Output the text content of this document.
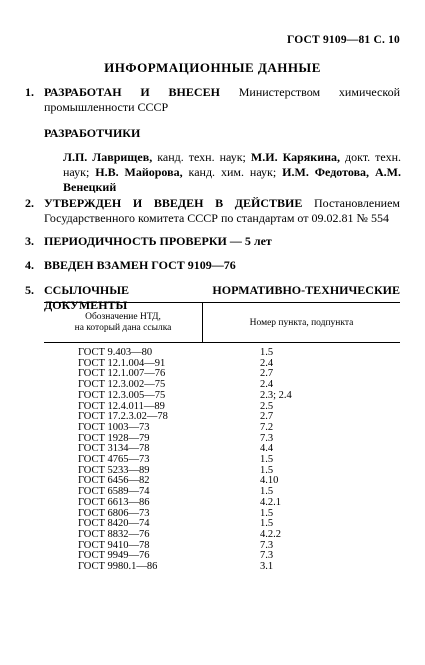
ГОСТ 9109—81 С. 10
ИНФОРМАЦИОННЫЕ ДАННЫЕ
1. РАЗРАБОТАН И ВНЕСЕН Министерством химической промышленности СССР
РАЗРАБОТЧИКИ
Л.П. Лаврищев, канд. техн. наук; М.И. Карякина, докт. техн. наук; Н.В. Майорова, канд. хим. наук; И.М. Федотова, А.М. Венецкий
2. УТВЕРЖДЕН И ВВЕДЕН В ДЕЙСТВИЕ Постановлением Государственного комитета СССР по стандартам от 09.02.81 № 554
3. ПЕРИОДИЧНОСТЬ ПРОВЕРКИ — 5 лет
4. ВВЕДЕН ВЗАМЕН ГОСТ 9109—76
5. ССЫЛОЧНЫЕ НОРМАТИВНО-ТЕХНИЧЕСКИЕ ДОКУМЕНТЫ
Обозначение НТД,
на который дана ссылка	Номер пункта, подпункта
ГОСТ 9.403—80	1.5
ГОСТ 12.1.004—91	2.4
ГОСТ 12.1.007—76	2.7
ГОСТ 12.3.002—75	2.4
ГОСТ 12.3.005—75	2.3; 2.4
ГОСТ 12.4.011—89	2.5
ГОСТ 17.2.3.02—78	2.7
ГОСТ 1003—73	7.2
ГОСТ 1928—79	7.3
ГОСТ 3134—78	4.4
ГОСТ 4765—73	1.5
ГОСТ 5233—89	1.5
ГОСТ 6456—82	4.10
ГОСТ 6589—74	1.5
ГОСТ 6613—86	4.2.1
ГОСТ 6806—73	1.5
ГОСТ 8420—74	1.5
ГОСТ 8832—76	4.2.2
ГОСТ 9410—78	7.3
ГОСТ 9949—76	7.3
ГОСТ 9980.1—86	3.1
